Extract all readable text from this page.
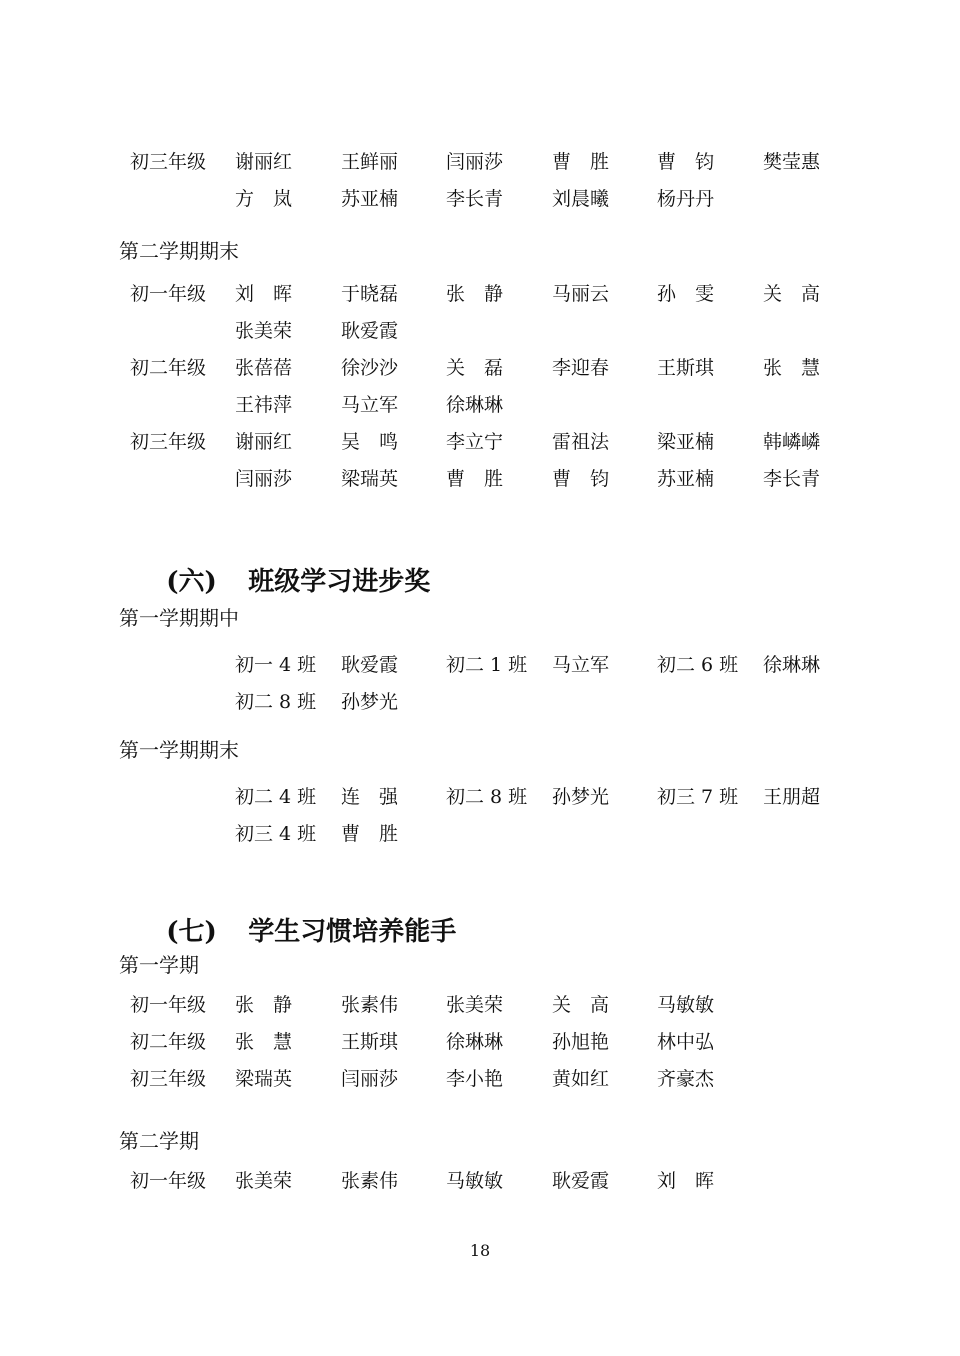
初三年级 谢丽红	王鲜丽	闫丽莎	曹　胜	曹　钧	樊莹惠
方　岚	苏亚楠	李长青	刘晨曦	杨丹丹
第二学期期末
初一年级 刘　晖	于晓磊	张　静	马丽云	孙　雯	关　高
张美荣	耿爱霞
初二年级 张蓓蓓	徐沙沙	关　磊	李迎春	王斯琪	张　慧
王祎萍	马立军	徐琳琳
初三年级 谢丽红	吴　鸣	李立宁	雷祖法	梁亚楠	韩嶙嶙
闫丽莎	梁瑞英	曹　胜	曹　钧	苏亚楠	李长青

(六) 班级学习进步奖

第一学期期中
初一 4 班 耿爱霞	初二 1 班 马立军	初二 6 班 徐琳琳
初二 8 班 孙梦光
第一学期期末
初二 4 班 连　强	初二 8 班 孙梦光	初三 7 班 王朋超
初三 4 班 曹　胜

(七) 学生习惯培养能手

第一学期
初一年级 张　静	张素伟	张美荣	关　高	马敏敏
初二年级 张　慧	王斯琪	徐琳琳	孙旭艳	林中弘
初三年级 梁瑞英	闫丽莎	李小艳	黄如红	齐豪杰
第二学期
初一年级 张美荣	张素伟	马敏敏	耿爱霞	刘　晖
18
